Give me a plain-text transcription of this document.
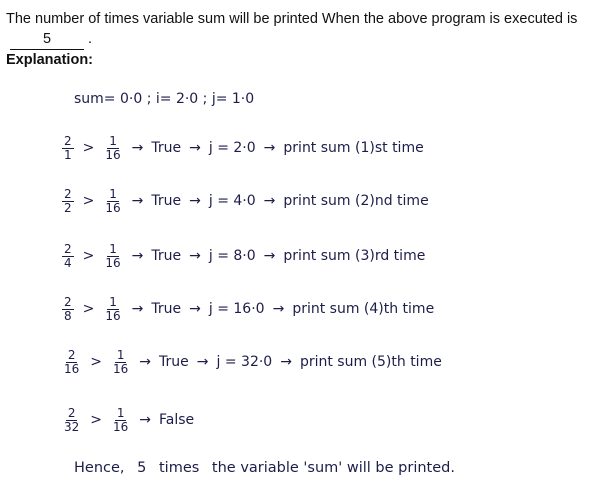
The number of times variable sum will be printed When the above program is executed is 5	.
Explanation:
sum= 0·0 ; i= 2·0 ; j= 1·0
$\frac{2}{1} > \frac{1}{16}$ → True → j = 2·0 → print sum (1)st time
$\frac{2}{2} > \frac{1}{16}$ → True → j = 4·0 → print sum (2)nd time
$\frac{2}{4} > \frac{1}{16}$ → True → j = 8·0 → print sum (3)rd time
$\frac{2}{8} > \frac{1}{16}$ → True → j = 16·0 → print sum (4)th time
$\frac{2}{16} > \frac{1}{16}$ → True → j = 32·0 → print sum (5)th time
$\frac{2}{32} > \frac{1}{16}$ → False
Hence, 5 times the variable 'sum' will be printed.
